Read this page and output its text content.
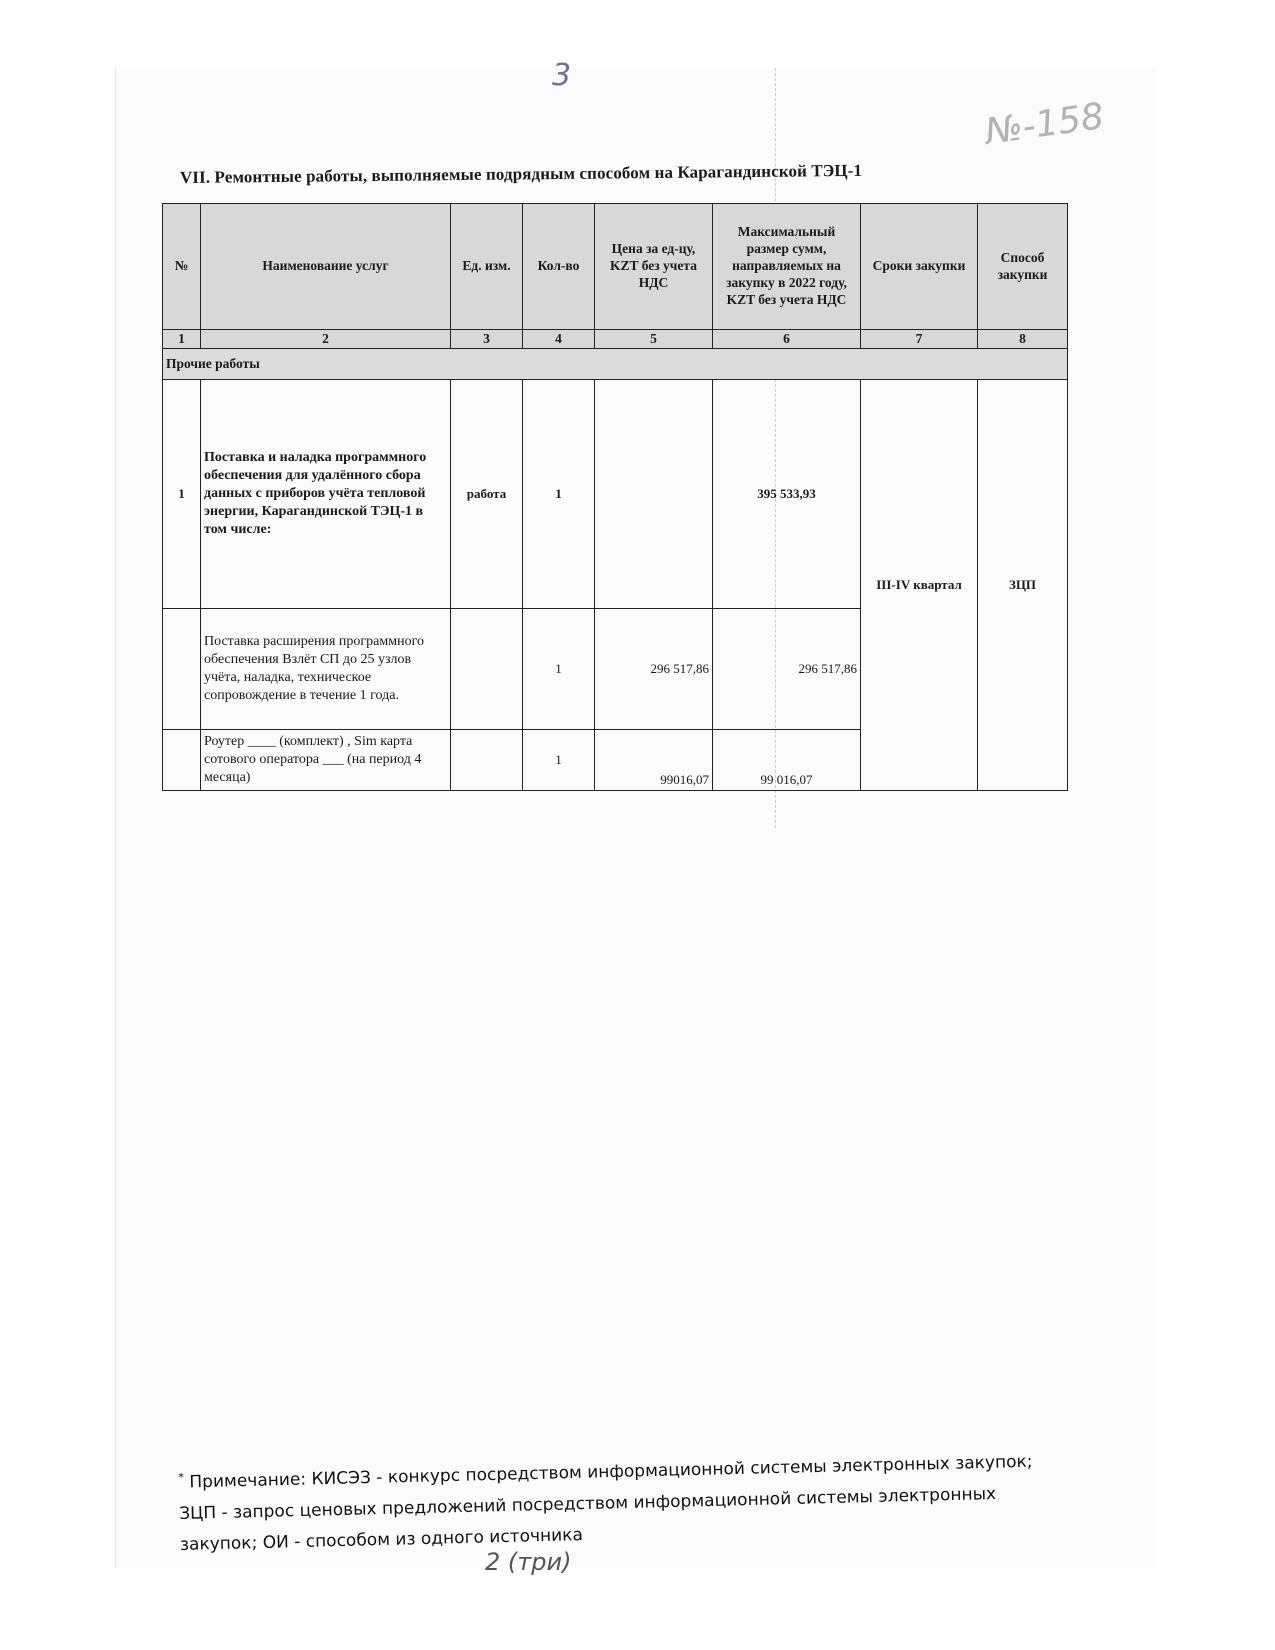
3
№-158
VII. Ремонтные работы, выполняемые подрядным способом на Карагандинской ТЭЦ-1
№	Наименование услуг	Ед. изм.	Кол-во	Цена за ед-цу, KZT без учета НДС	Максимальный размер сумм, направляемых на закупку в 2022 году, KZT без учета НДС	Сроки закупки	Способ закупки
1	2	3	4	5	6	7	8
Прочие работы							
1	Поставка и наладка программного обеспечения для удалённого сбора данных с приборов учёта тепловой энергии, Карагандинской ТЭЦ-1 в том числе:	работа	1		395 533,93	III-IV квартал	ЗЦП
	Поставка расширения программного обеспечения Взлёт СП до 25 узлов учёта, наладка, техническое сопровождение в течение 1 года.		1	296 517,86	296 517,86		
	Роутер ____ (комплект) , Sim карта сотового оператора ___ (на период 4 месяца)		1	99016,07	99 016,07		
* Примечание: КИСЭЗ - конкурс посредством информационной системы электронных закупок; ЗЦП - запрос ценовых предложений посредством информационной системы электронных закупок; ОИ - способом из одного источника
2 (три)
